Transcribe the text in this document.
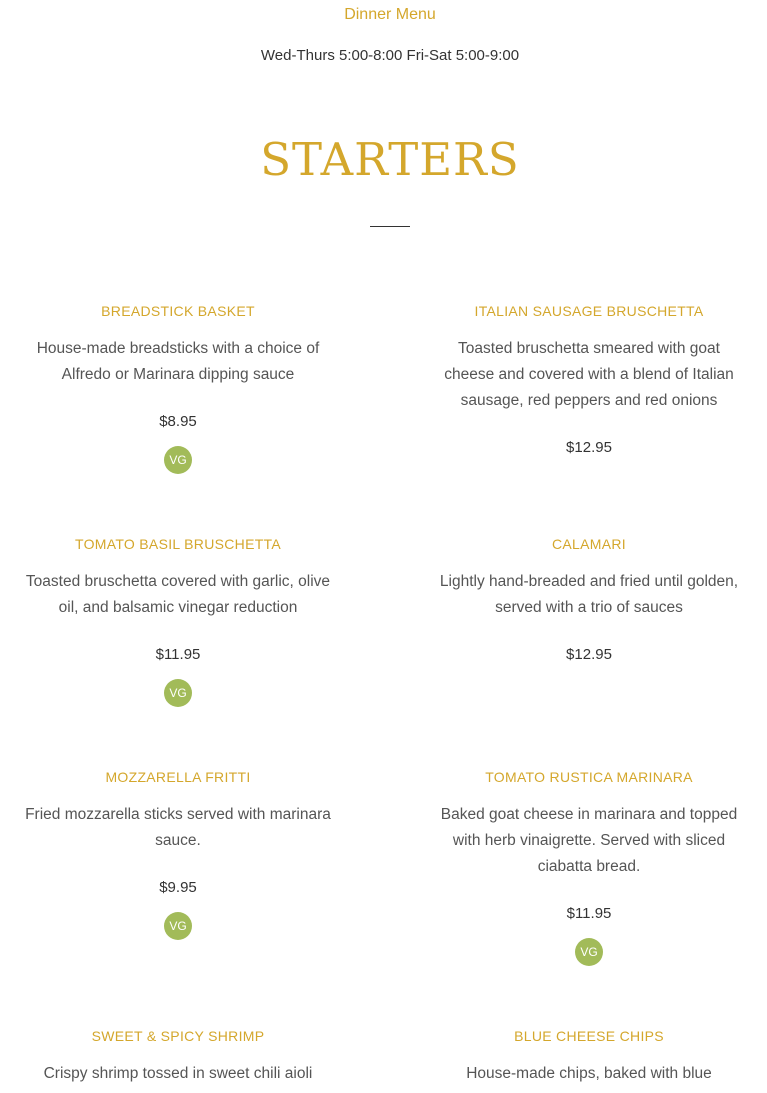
Dinner Menu
Wed-Thurs 5:00-8:00 Fri-Sat 5:00-9:00
STARTERS
BREADSTICK BASKET
House-made breadsticks with a choice of Alfredo or Marinara dipping sauce
$8.95
VG
ITALIAN SAUSAGE BRUSCHETTA
Toasted bruschetta smeared with goat cheese and covered with a blend of Italian sausage, red peppers and red onions
$12.95
TOMATO BASIL BRUSCHETTA
Toasted bruschetta covered with garlic, olive oil, and balsamic vinegar reduction
$11.95
VG
CALAMARI
Lightly hand-breaded and fried until golden, served with a trio of sauces
$12.95
MOZZARELLA FRITTI
Fried mozzarella sticks served with marinara sauce.
$9.95
VG
TOMATO RUSTICA MARINARA
Baked goat cheese in marinara and topped with herb vinaigrette. Served with sliced ciabatta bread.
$11.95
VG
SWEET & SPICY SHRIMP
Crispy shrimp tossed in sweet chili aioli
BLUE CHEESE CHIPS
House-made chips, baked with blue
